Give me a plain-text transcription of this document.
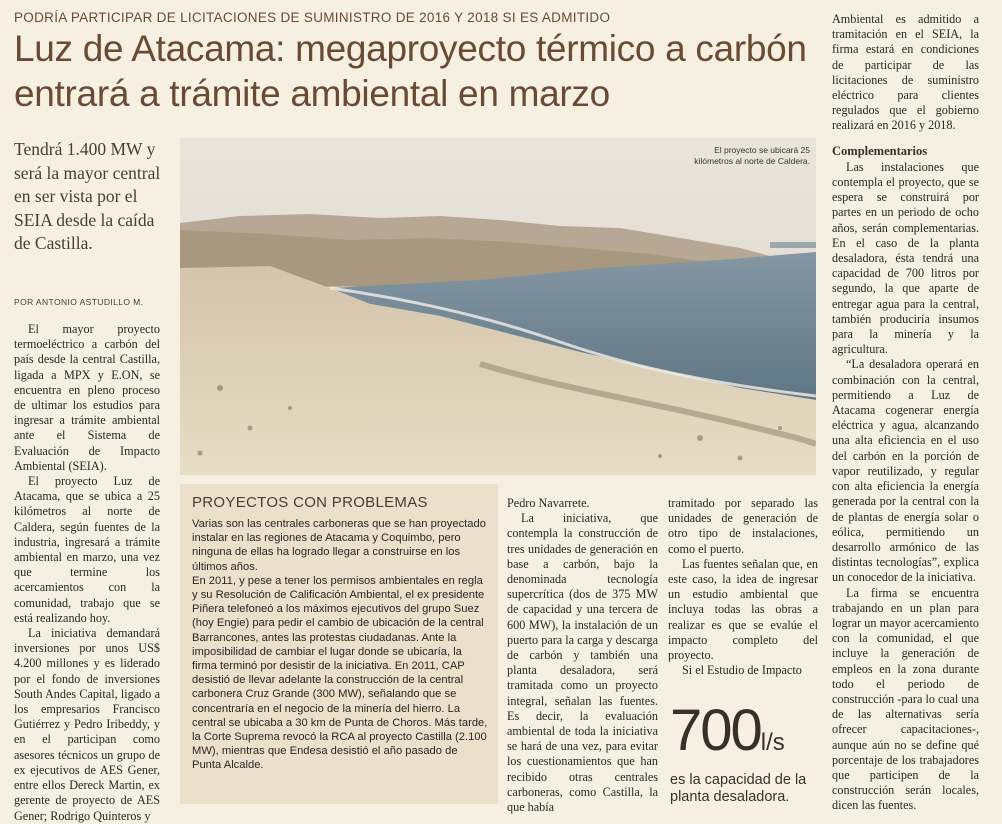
PODRÍA PARTICIPAR DE LICITACIONES DE SUMINISTRO DE 2016 Y 2018 SI ES ADMITIDO
Luz de Atacama: megaproyecto térmico a carbón entrará a trámite ambiental en marzo
Tendrá 1.400 MW y será la mayor central en ser vista por el SEIA desde la caída de Castilla.
POR ANTONIO ASTUDILLO M.

El mayor proyecto termoeléctrico a carbón del país desde la central Castilla, ligada a MPX y E.ON, se encuentra en pleno proceso de ultimar los estudios para ingresar a trámite ambiental ante el Sistema de Evaluación de Impacto Ambiental (SEIA).

El proyecto Luz de Atacama, que se ubica a 25 kilómetros al norte de Caldera, según fuentes de la industria, ingresará a trámite ambiental en marzo, una vez que termine los acercamientos con la comunidad, trabajo que se está realizando hoy.

La iniciativa demandará inversiones por unos US$ 4.200 millones y es liderado por el fondo de inversiones South Andes Capital, ligado a los empresarios Francisco Gutiérrez y Pedro Iribeddy, y en el participan como asesores técnicos un grupo de ex ejecutivos de AES Gener, entre ellos Dereck Martin, ex gerente de proyecto de AES Gener; Rodrigo Quinteros y

El proyecto se ubicará 25 kilómetros al norte de Caldera.
PROYECTOS CON PROBLEMAS

Varias son las centrales carboneras que se han proyectado instalar en las regiones de Atacama y Coquimbo, pero ninguna de ellas ha logrado llegar a construirse en los últimos años.

En 2011, y pese a tener los permisos ambientales en regla y su Resolución de Calificación Ambiental, el ex presidente Piñera telefoneó a los máximos ejecutivos del grupo Suez (hoy Engie) para pedir el cambio de ubicación de la central Barrancones, antes las protestas ciudadanas. Ante la imposibilidad de cambiar el lugar donde se ubicaría, la firma terminó por desistir de la iniciativa. En 2011, CAP desistió de llevar adelante la construcción de la central carbonera Cruz Grande (300 MW), señalando que se concentraría en el negocio de la minería del hierro. La central se ubicaba a 30 km de Punta de Choros. Más tarde, la Corte Suprema revocó la RCA al proyecto Castilla (2.100 MW), mientras que Endesa desistió el año pasado de Punta Alcalde.

Pedro Navarrete.

La iniciativa, que contempla la construcción de tres unidades de generación en base a carbón, bajo la denominada tecnología supercrítica (dos de 375 MW de capacidad y una tercera de 600 MW), la instalación de un puerto para la carga y descarga de carbón y también una planta desaladora, será tramitada como un proyecto integral, señalan las fuentes. Es decir, la evaluación ambiental de toda la iniciativa se hará de una vez, para evitar los cuestionamientos que han recibido otras centrales carboneras, como Castilla, la que había

tramitado por separado las unidades de generación de otro tipo de instalaciones, como el puerto.

Las fuentes señalan que, en este caso, la idea de ingresar un estudio ambiental que incluya todas las obras a realizar es que se evalúe el impacto completo del proyecto.

Si el Estudio de Impacto

700l/s
es la capacidad de la planta desaladora.

Ambiental es admitido a tramitación en el SEIA, la firma estará en condiciones de participar de las licitaciones de suministro eléctrico para clientes regulados que el gobierno realizará en 2016 y 2018.

Complementarios

Las instalaciones que contempla el proyecto, que se espera se construirá por partes en un periodo de ocho años, serán complementarias. En el caso de la planta desaladora, ésta tendrá una capacidad de 700 litros por segundo, la que aparte de entregar agua para la central, también produciría insumos para la minería y la agricultura.

“La desaladora operará en combinación con la central, permitiendo a Luz de Atacama cogenerar energía eléctrica y agua, alcanzando una alta eficiencia en el uso del carbón en la porción de vapor reutilizado, y regular con alta eficiencia la energía generada por la central con la de plantas de energía solar o eólica, permitiendo un desarrollo armónico de las distintas tecnologías”, explica un conocedor de la iniciativa.

La firma se encuentra trabajando en un plan para lograr un mayor acercamiento con la comunidad, el que incluye la generación de empleos en la zona durante todo el periodo de construcción -para lo cual una de las alternativas sería ofrecer capacitaciones-, aunque aún no se define qué porcentaje de los trabajadores que participen de la construcción serán locales, dicen las fuentes.
